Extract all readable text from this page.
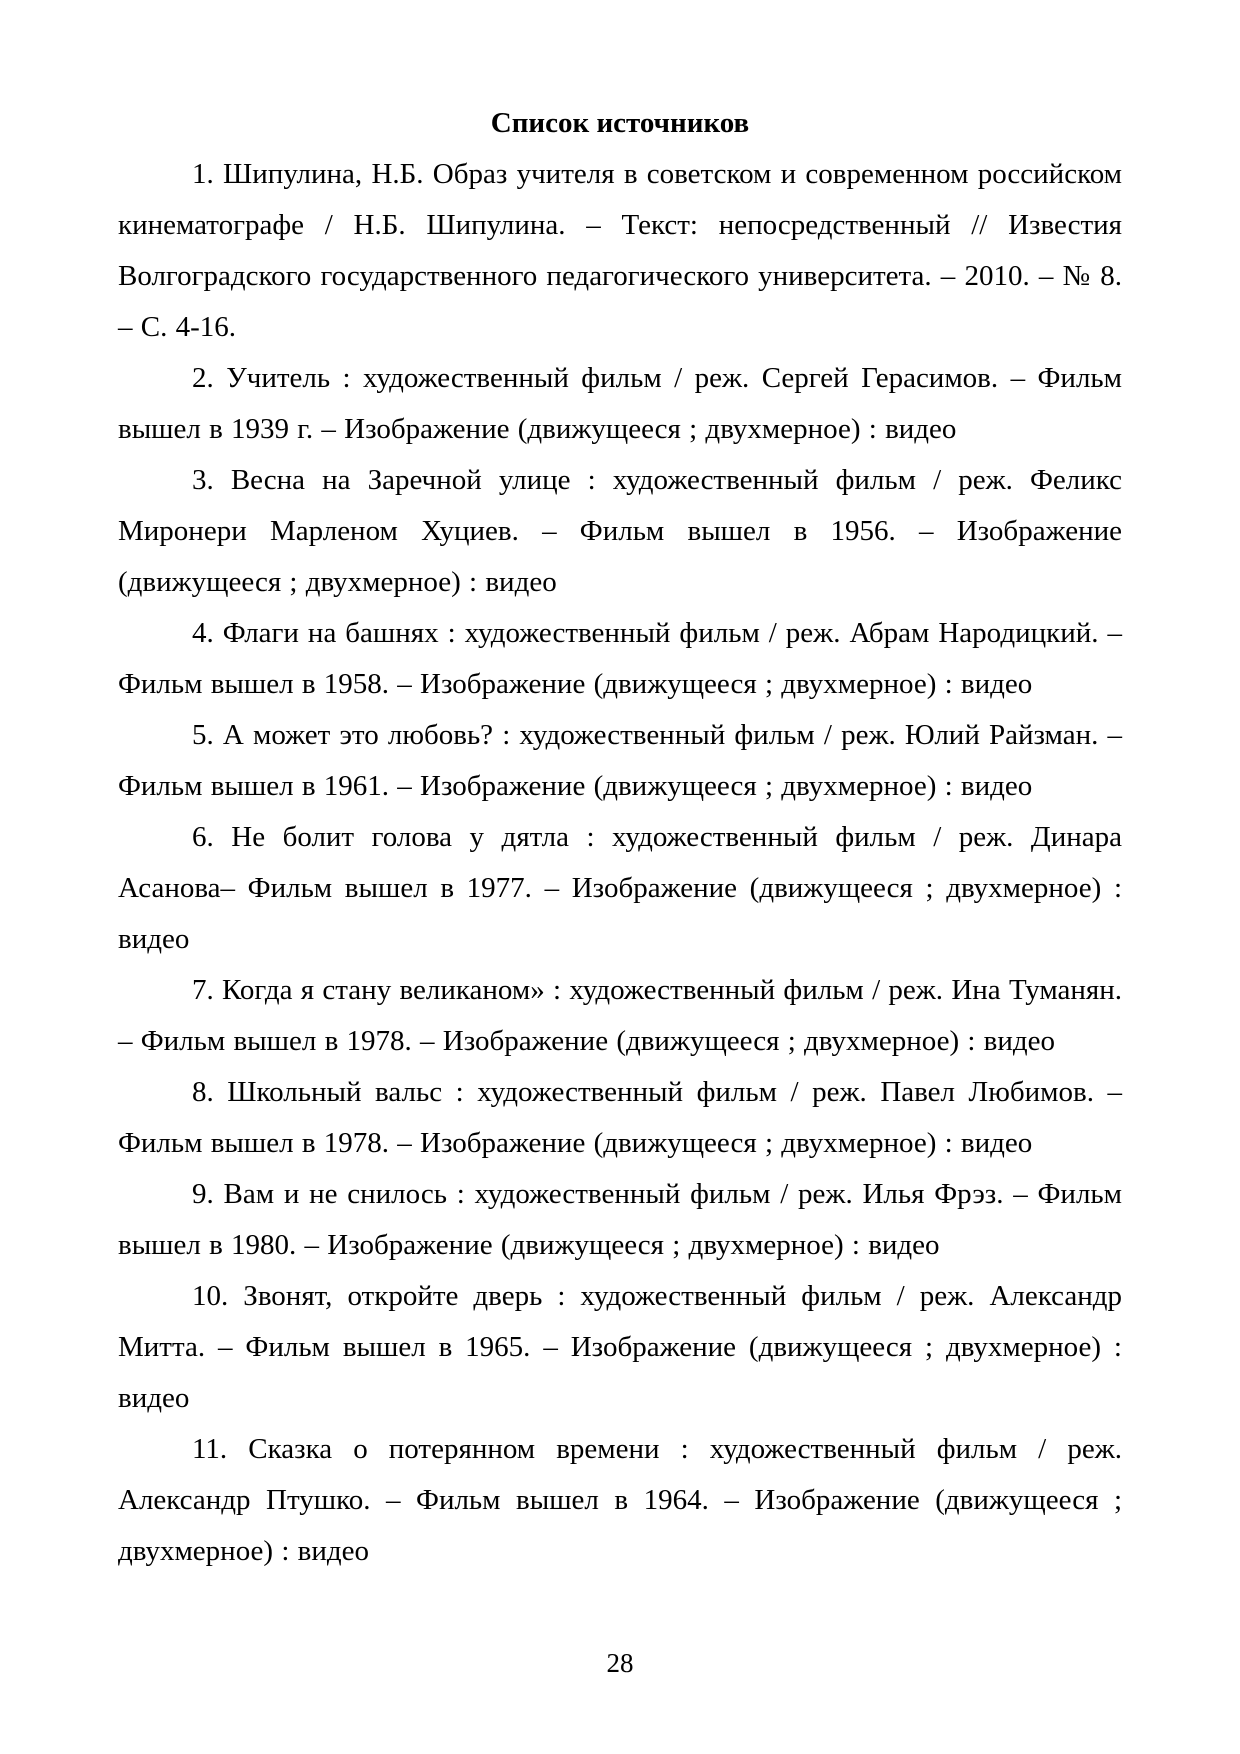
Список источников

1. Шипулина, Н.Б. Образ учителя в советском и современном российском кинематографе / Н.Б. Шипулина. – Текст: непосредственный // Известия Волгоградского государственного педагогического университета. – 2010. – № 8. – С. 4-16.

2. Учитель : художественный фильм / реж. Сергей Герасимов. – Фильм вышел в 1939 г. – Изображение (движущееся ; двухмерное) : видео

3. Весна на Заречной улице : художественный фильм / реж. Феликс Миронери Марленом Хуциев. – Фильм вышел в 1956. – Изображение (движущееся ; двухмерное) : видео

4. Флаги на башнях : художественный фильм / реж. Абрам Народицкий. – Фильм вышел в 1958. – Изображение (движущееся ; двухмерное) : видео

5. А может это любовь? : художественный фильм / реж. Юлий Райзман. – Фильм вышел в 1961. – Изображение (движущееся ; двухмерное) : видео

6. Не болит голова у дятла : художественный фильм / реж. Динара Асанова– Фильм вышел в 1977. – Изображение (движущееся ; двухмерное) : видео

7. Когда я стану великаном» : художественный фильм / реж. Ина Туманян. – Фильм вышел в 1978. – Изображение (движущееся ; двухмерное) : видео

8. Школьный вальс : художественный фильм / реж. Павел Любимов. – Фильм вышел в 1978. – Изображение (движущееся ; двухмерное) : видео

9. Вам и не снилось : художественный фильм / реж. Илья Фрэз. – Фильм вышел в 1980. – Изображение (движущееся ; двухмерное) : видео

10. Звонят, откройте дверь : художественный фильм / реж. Александр Митта. – Фильм вышел в 1965. – Изображение (движущееся ; двухмерное) : видео

11. Сказка о потерянном времени : художественный фильм / реж. Александр Птушко. – Фильм вышел в 1964. – Изображение (движущееся ; двухмерное) : видео

28
